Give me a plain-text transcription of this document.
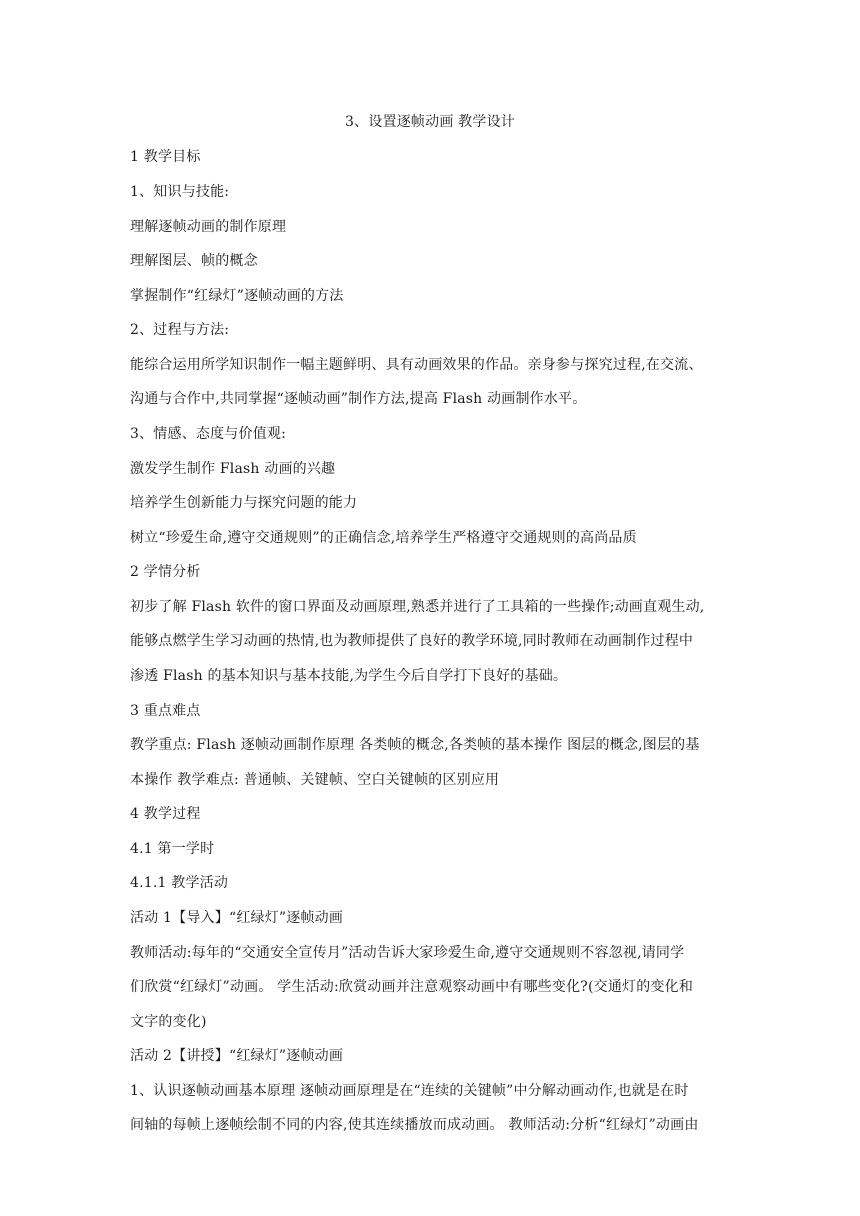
3、设置逐帧动画 教学设计
1 教学目标
1、知识与技能:
理解逐帧动画的制作原理
理解图层、帧的概念
掌握制作“红绿灯”逐帧动画的方法
2、过程与方法:
能综合运用所学知识制作一幅主题鲜明、具有动画效果的作品。亲身参与探究过程,在交流、
沟通与合作中,共同掌握“逐帧动画”制作方法,提高 Flash 动画制作水平。
3、情感、态度与价值观:
激发学生制作 Flash 动画的兴趣
培养学生创新能力与探究问题的能力
树立“珍爱生命,遵守交通规则”的正确信念,培养学生严格遵守交通规则的高尚品质
2 学情分析
初步了解 Flash 软件的窗口界面及动画原理,熟悉并进行了工具箱的一些操作;动画直观生动,
能够点燃学生学习动画的热情,也为教师提供了良好的教学环境,同时教师在动画制作过程中
渗透 Flash 的基本知识与基本技能,为学生今后自学打下良好的基础。
3 重点难点
教学重点: Flash 逐帧动画制作原理 各类帧的概念,各类帧的基本操作 图层的概念,图层的基
本操作 教学难点: 普通帧、关键帧、空白关键帧的区别应用
4 教学过程
4.1 第一学时
4.1.1 教学活动
活动 1【导入】“红绿灯”逐帧动画
教师活动:每年的“交通安全宣传月”活动告诉大家珍爱生命,遵守交通规则不容忽视,请同学
们欣赏“红绿灯”动画。 学生活动:欣赏动画并注意观察动画中有哪些变化?(交通灯的变化和
文字的变化)
活动 2【讲授】“红绿灯”逐帧动画
1、认识逐帧动画基本原理 逐帧动画原理是在“连续的关键帧”中分解动画动作,也就是在时
间轴的每帧上逐帧绘制不同的内容,使其连续播放而成动画。 教师活动:分析“红绿灯”动画由
